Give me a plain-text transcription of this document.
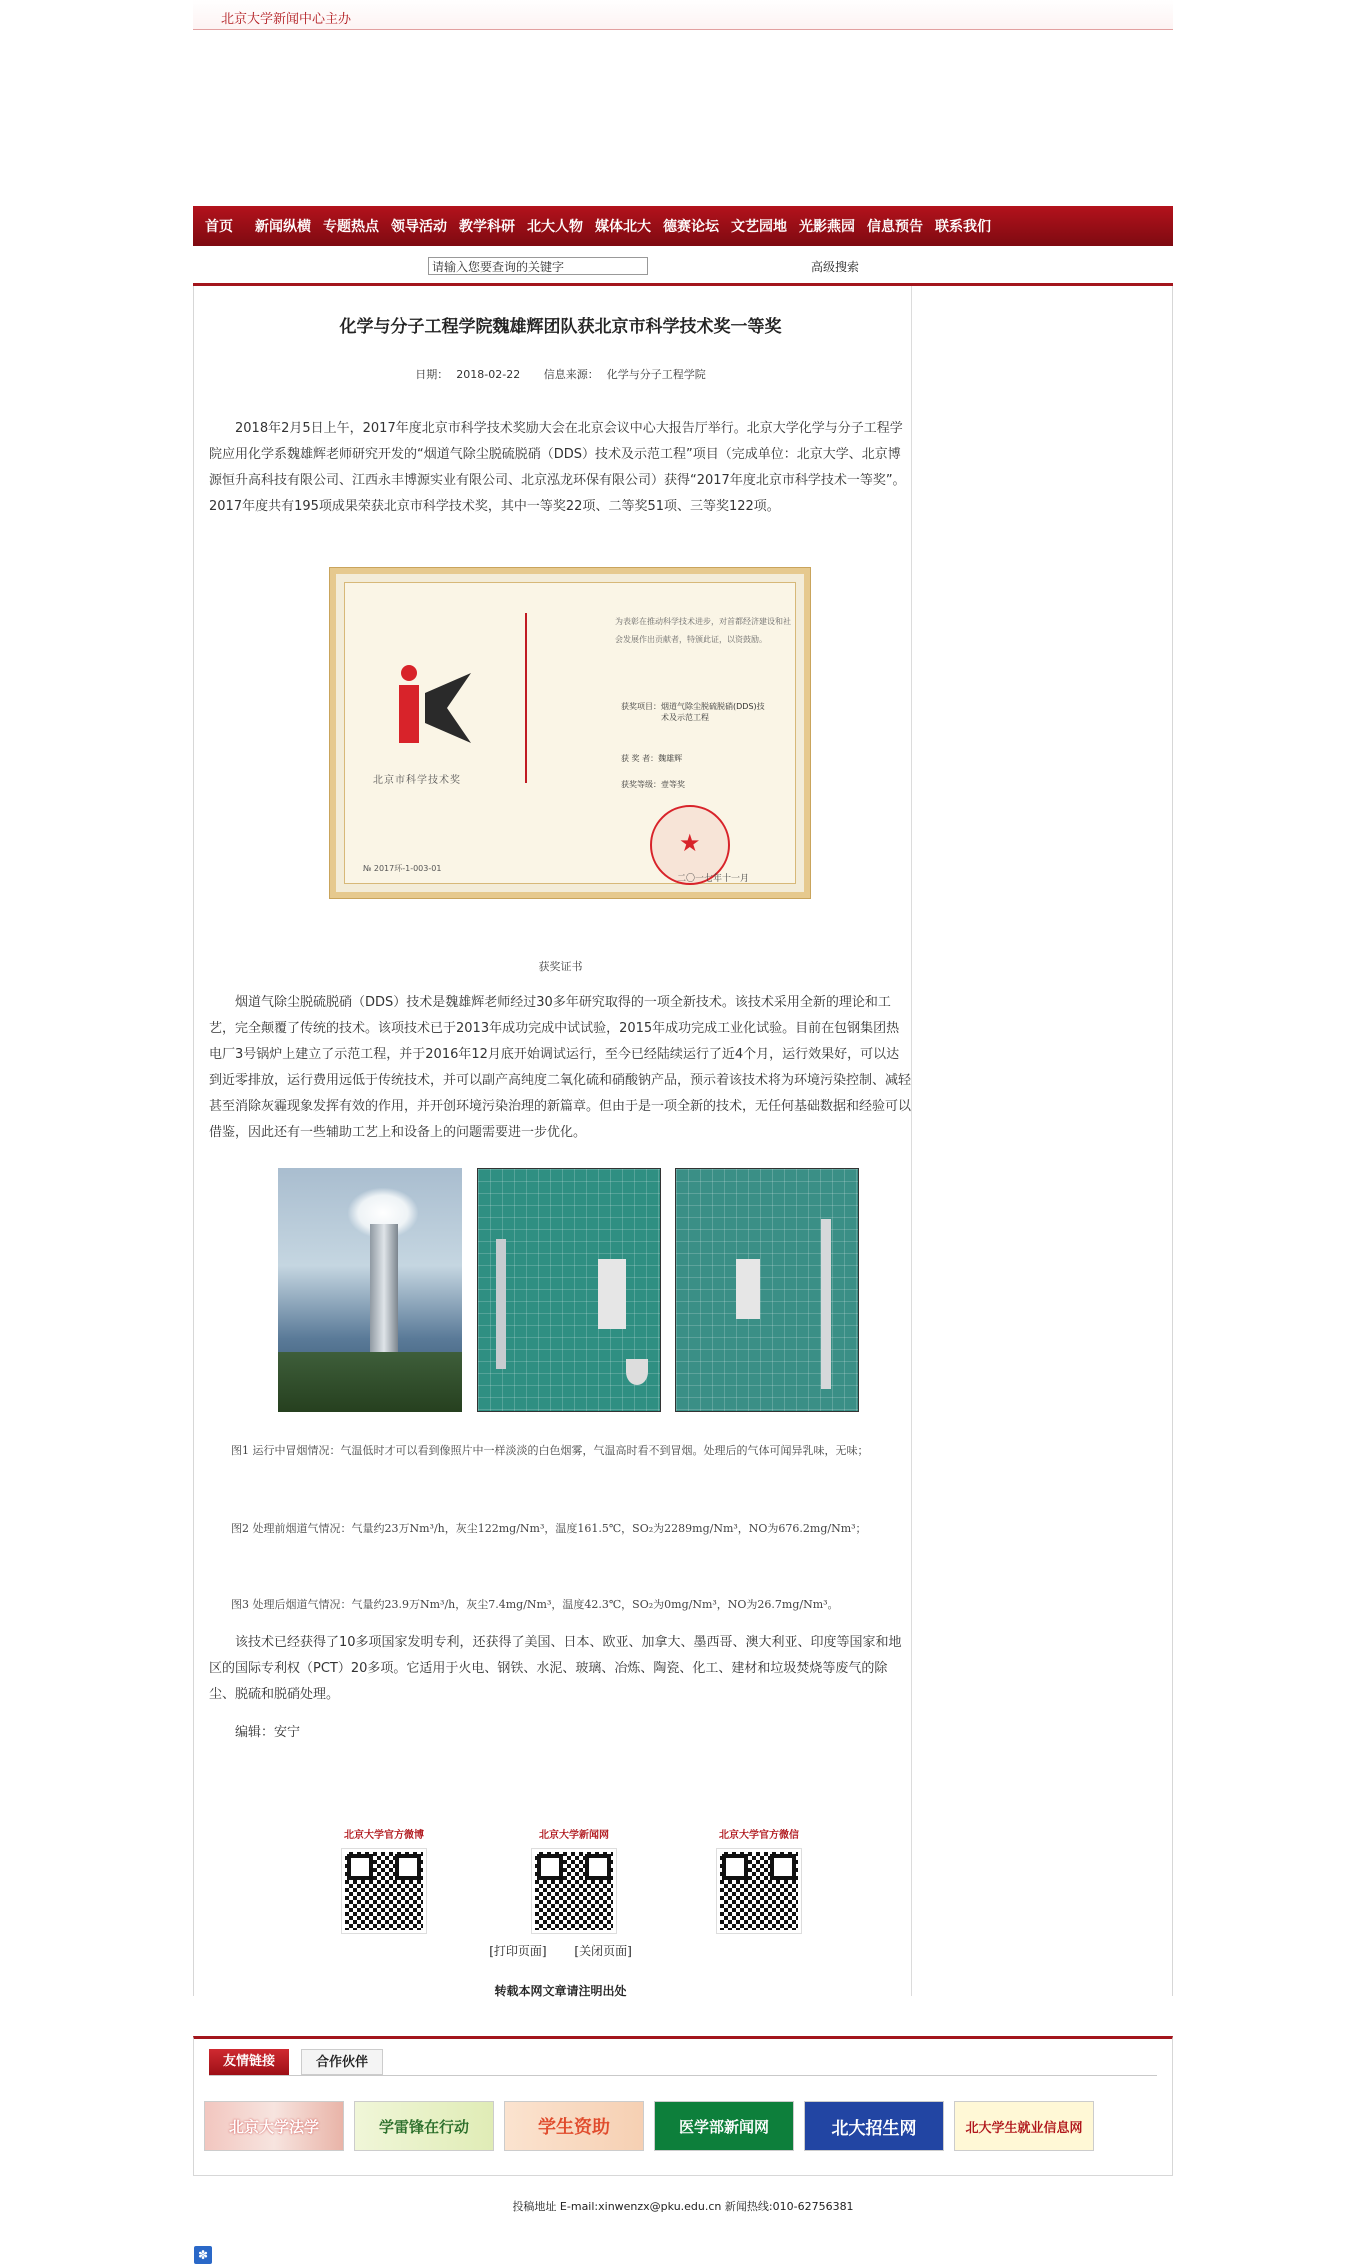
北京大学新闻中心主办
首页 新闻纵横 专题热点 领导活动 教学科研 北大人物 媒体北大 德赛论坛 文艺园地 光影燕园 信息预告 联系我们
请输入您要查询的关键字
高级搜索
化学与分子工程学院魏雄辉团队获北京市科学技术奖一等奖
日期： 2018-02-22 信息来源： 化学与分子工程学院

2018年2月5日上午，2017年度北京市科学技术奖励大会在北京会议中心大报告厅举行。北京大学化学与分子工程学院应用化学系魏雄辉老师研究开发的“烟道气除尘脱硫脱硝（DDS）技术及示范工程”项目（完成单位：北京大学、北京博源恒升高科技有限公司、江西永丰博源实业有限公司、北京泓龙环保有限公司）获得“2017年度北京市科学技术一等奖”。2017年度共有195项成果荣获北京市科学技术奖，其中一等奖22项、二等奖51项、三等奖122项。

北京市科学技术奖
№ 2017环-1-003-01
为表彰在推动科学技术进步，对首都经济建设和社会发展作出贡献者，特颁此证，以资鼓励。
获奖项目：烟道气除尘脱硫脱硝(DDS)技术及示范工程
获 奖 者：魏雄辉
获奖等级：壹等奖
★
二〇一七年十一月
获奖证书

烟道气除尘脱硫脱硝（DDS）技术是魏雄辉老师经过30多年研究取得的一项全新技术。该技术采用全新的理论和工艺，完全颠覆了传统的技术。该项技术已于2013年成功完成中试试验，2015年成功完成工业化试验。目前在包钢集团热电厂3号锅炉上建立了示范工程，并于2016年12月底开始调试运行，至今已经陆续运行了近4个月，运行效果好，可以达到近零排放，运行费用远低于传统技术，并可以副产高纯度二氧化硫和硝酸钠产品，预示着该技术将为环境污染控制、减轻甚至消除灰霾现象发挥有效的作用，并开创环境污染治理的新篇章。但由于是一项全新的技术，无任何基础数据和经验可以借鉴，因此还有一些辅助工艺上和设备上的问题需要进一步优化。

图1 运行中冒烟情况：气温低时才可以看到像照片中一样淡淡的白色烟雾，气温高时看不到冒烟。处理后的气体可闻异乳味，无味；

图2 处理前烟道气情况：气量约23万Nm³/h，灰尘122mg/Nm³，温度161.5℃，SO₂为2289mg/Nm³，NO为676.2mg/Nm³；

图3 处理后烟道气情况：气量约23.9万Nm³/h，灰尘7.4mg/Nm³，温度42.3℃，SO₂为0mg/Nm³，NO为26.7mg/Nm³。

该技术已经获得了10多项国家发明专利，还获得了美国、日本、欧亚、加拿大、墨西哥、澳大利亚、印度等国家和地区的国际专利权（PCT）20多项。它适用于火电、钢铁、水泥、玻璃、冶炼、陶瓷、化工、建材和垃圾焚烧等废气的除尘、脱硫和脱硝处理。

编辑：安宁

北京大学官方微博	北京大学新闻网	北京大学官方微信
[打印页面] [关闭页面]
转载本网文章请注明出处
友情链接	合作伙伴
北京大学法学	学雷锋在行动	学生资助	医学部新闻网	北大招生网	北大学生就业信息网
投稿地址 E-mail:xinwenzx@pku.edu.cn 新闻热线:010-62756381
✽
